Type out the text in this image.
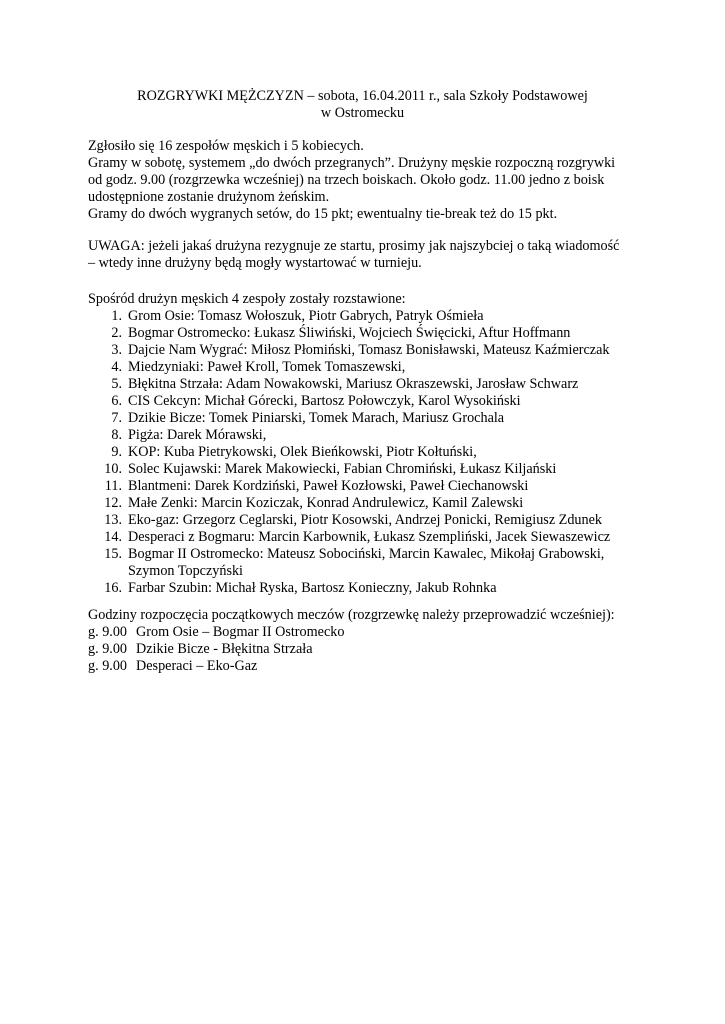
ROZGRYWKI MĘŻCZYZN – sobota, 16.04.2011 r., sala Szkoły Podstawowej
w Ostromecku
Zgłosiło się 16 zespołów męskich i 5 kobiecych.
Gramy w sobotę, systemem „do dwóch przegranych”. Drużyny męskie rozpoczną rozgrywki
od godz. 9.00 (rozgrzewka wcześniej) na trzech boiskach. Około godz. 11.00 jedno z boisk
udostępnione zostanie drużynom żeńskim.
Gramy do dwóch wygranych setów, do 15 pkt; ewentualny tie-break też do 15 pkt.
UWAGA: jeżeli jakaś drużyna rezygnuje ze startu, prosimy jak najszybciej o taką wiadomość
– wtedy inne drużyny będą mogły wystartować w turnieju.
Spośród drużyn męskich 4 zespoły zostały rozstawione:
1. Grom Osie: Tomasz Wołoszuk, Piotr Gabrych, Patryk Ośmieła
2. Bogmar Ostromecko: Łukasz Śliwiński, Wojciech Święcicki, Aftur Hoffmann
3. Dajcie Nam Wygrać: Miłosz Płomiński, Tomasz Bonisławski, Mateusz Kaźmierczak
4. Miedzyniaki: Paweł Kroll, Tomek Tomaszewski,
5. Błękitna Strzała: Adam Nowakowski, Mariusz Okraszewski, Jarosław Schwarz
6. CIS Cekcyn: Michał Górecki, Bartosz Połowczyk, Karol Wysokiński
7. Dzikie Bicze: Tomek Piniarski, Tomek Marach, Mariusz Grochala
8. Pigża: Darek Mórawski,
9. KOP: Kuba Pietrykowski, Olek Bieńkowski, Piotr Kołtuński,
10. Solec Kujawski: Marek Makowiecki, Fabian Chromiński, Łukasz Kiljański
11. Blantmeni: Darek Kordziński, Paweł Kozłowski, Paweł Ciechanowski
12. Małe Zenki: Marcin Koziczak, Konrad Andrulewicz, Kamil Zalewski
13. Eko-gaz: Grzegorz Ceglarski, Piotr Kosowski, Andrzej Ponicki, Remigiusz Zdunek
14. Desperaci z Bogmaru: Marcin Karbownik, Łukasz Szempliński, Jacek Siewaszewicz
15. Bogmar II Ostromecko: Mateusz Sobociński, Marcin Kawalec, Mikołaj Grabowski,
Szymon Topczyński
16. Farbar Szubin: Michał Ryska, Bartosz Konieczny, Jakub Rohnka
Godziny rozpoczęcia początkowych meczów (rozgrzewkę należy przeprowadzić wcześniej):
g. 9.00 Grom Osie – Bogmar II Ostromecko
g. 9.00 Dzikie Bicze - Błękitna Strzała
g. 9.00 Desperaci – Eko-Gaz
